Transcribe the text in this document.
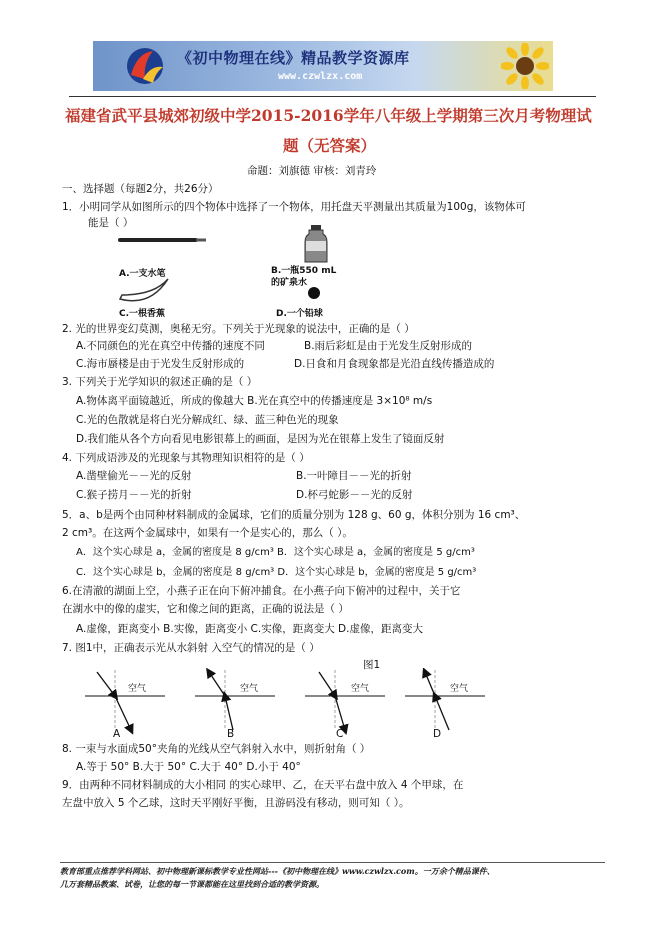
《初中物理在线》精品教学资源库
www.czwlzx.com
福建省武平县城郊初级中学2015-2016学年八年级上学期第三次月考物理试
题（无答案）
命题：刘旗德 审核：刘青玲
一、选择题（每题2分，共26分）
1．小明同学从如图所示的四个物体中选择了一个物体，用托盘天平测量出其质量为100g，该物体可
能是（ ）
A.一支水笔	B.一瓶550 mL
的矿泉水
C.一根香蕉	D.一个铅球
2. 光的世界变幻莫测，奥秘无穷。下列关于光现象的说法中，正确的是（ ）
A.不同颜色的光在真空中传播的速度不同	B.雨后彩虹是由于光发生反射形成的
C.海市蜃楼是由于光发生反射形成的	D.日食和月食现象都是光沿直线传播造成的
3. 下列关于光学知识的叙述正确的是（ ）
A.物体离平面镜越近，所成的像越大 B.光在真空中的传播速度是 3×10⁸ m/s
C.光的色散就是将白光分解成红、绿、蓝三种色光的现象
D.我们能从各个方向看见电影银幕上的画面，是因为光在银幕上发生了镜面反射
4. 下列成语涉及的光现象与其物理知识相符的是（ ）
A.凿壁偷光－－光的反射	B.一叶障目－－光的折射
C.猴子捞月－－光的折射	D.杯弓蛇影－－光的反射
5．a、b是两个由同种材料制成的金属球，它们的质量分别为 128 g、60 g，体积分别为 16 cm³、
2 cm³。在这两个金属球中，如果有一个是实心的，那么（ ）。
A．这个实心球是 a，金属的密度是 8 g/cm³ B．这个实心球是 a，金属的密度是 5 g/cm³
C．这个实心球是 b，金属的密度是 8 g/cm³ D．这个实心球是 b，金属的密度是 5 g/cm³
6.在清澈的湖面上空，小燕子正在向下俯冲捕食。在小燕子向下俯冲的过程中，关于它
在湖水中的像的虚实，它和像之间的距离，正确的说法是（ ）
A.虚像，距离变小 B.实像，距离变小 C.实像，距离变大 D.虚像，距离变大
7. 图1中，正确表示光从水斜射 入空气的情况的是（ ）
图1
空气	空气	空气	空气
A	B	C	D
8. 一束与水面成50°夹角的光线从空气斜射入水中，则折射角（ ）
A.等于 50° B.大于 50° C.大于 40° D.小于 40°
9．由两种不同材料制成的大小相同 的实心球甲、乙，在天平右盘中放入 4 个甲球，在
左盘中放入 5 个乙球，这时天平刚好平衡，且游码没有移动，则可知（ ）。
教育部重点推荐学科网站、初中物理新课标教学专业性网站---《初中物理在线》www.czwlzx.com。一万余个精品课件、
几万套精品教案、试卷，让您的每一节课都能在这里找到合适的教学资源。
